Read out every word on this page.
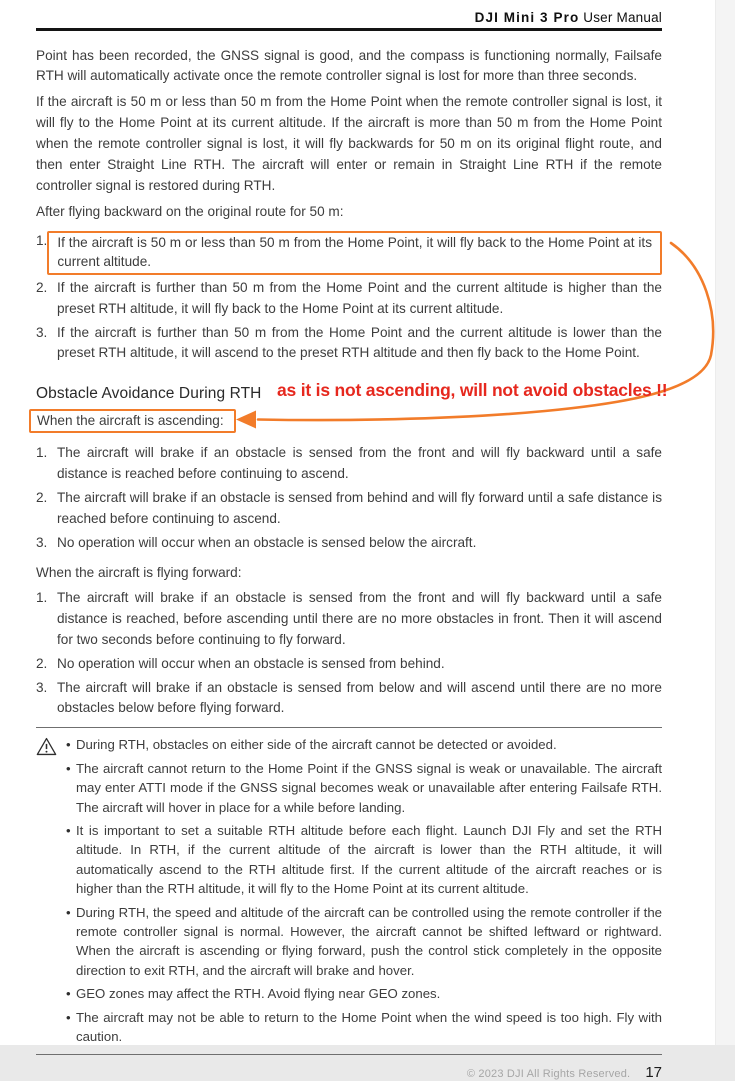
as it is not ascending, will not avoid obstacles !!
DJI Mini 3 Pro User Manual

Point has been recorded, the GNSS signal is good, and the compass is functioning normally, Failsafe RTH will automatically activate once the remote controller signal is lost for more than three seconds.

If the aircraft is 50 m or less than 50 m from the Home Point when the remote controller signal is lost, it will fly to the Home Point at its current altitude. If the aircraft is more than 50 m from the Home Point when the remote controller signal is lost, it will fly backwards for 50 m on its original flight route, and then enter Straight Line RTH. The aircraft will enter or remain in Straight Line RTH if the remote controller signal is restored during RTH.

After flying backward on the original route for 50 m:

1. If the aircraft is 50 m or less than 50 m from the Home Point, it will fly back to the Home Point at its current altitude.
2. If the aircraft is further than 50 m from the Home Point and the current altitude is higher than the preset RTH altitude, it will fly back to the Home Point at its current altitude.
3. If the aircraft is further than 50 m from the Home Point and the current altitude is lower than the preset RTH altitude, it will ascend to the preset RTH altitude and then fly back to the Home Point.
Obstacle Avoidance During RTH
When the aircraft is ascending:
1. The aircraft will brake if an obstacle is sensed from the front and will fly backward until a safe distance is reached before continuing to ascend.
2. The aircraft will brake if an obstacle is sensed from behind and will fly forward until a safe distance is reached before continuing to ascend.
3. No operation will occur when an obstacle is sensed below the aircraft.
When the aircraft is flying forward:
1. The aircraft will brake if an obstacle is sensed from the front and will fly backward until a safe distance is reached, before ascending until there are no more obstacles in front. Then it will ascend for two seconds before continuing to fly forward.
2. No operation will occur when an obstacle is sensed from behind.
3. The aircraft will brake if an obstacle is sensed from below and will ascend until there are no more obstacles below before flying forward.
• During RTH, obstacles on either side of the aircraft cannot be detected or avoided.
• The aircraft cannot return to the Home Point if the GNSS signal is weak or unavailable. The aircraft may enter ATTI mode if the GNSS signal becomes weak or unavailable after entering Failsafe RTH. The aircraft will hover in place for a while before landing.
• It is important to set a suitable RTH altitude before each flight. Launch DJI Fly and set the RTH altitude. In RTH, if the current altitude of the aircraft is lower than the RTH altitude, it will automatically ascend to the RTH altitude first. If the current altitude of the aircraft reaches or is higher than the RTH altitude, it will fly to the Home Point at its current altitude.
• During RTH, the speed and altitude of the aircraft can be controlled using the remote controller if the remote controller signal is normal. However, the aircraft cannot be shifted leftward or rightward. When the aircraft is ascending or flying forward, push the control stick completely in the opposite direction to exit RTH, and the aircraft will brake and hover.
• GEO zones may affect the RTH. Avoid flying near GEO zones.
• The aircraft may not be able to return to the Home Point when the wind speed is too high. Fly with caution.
© 2023 DJI All Rights Reserved. 17
